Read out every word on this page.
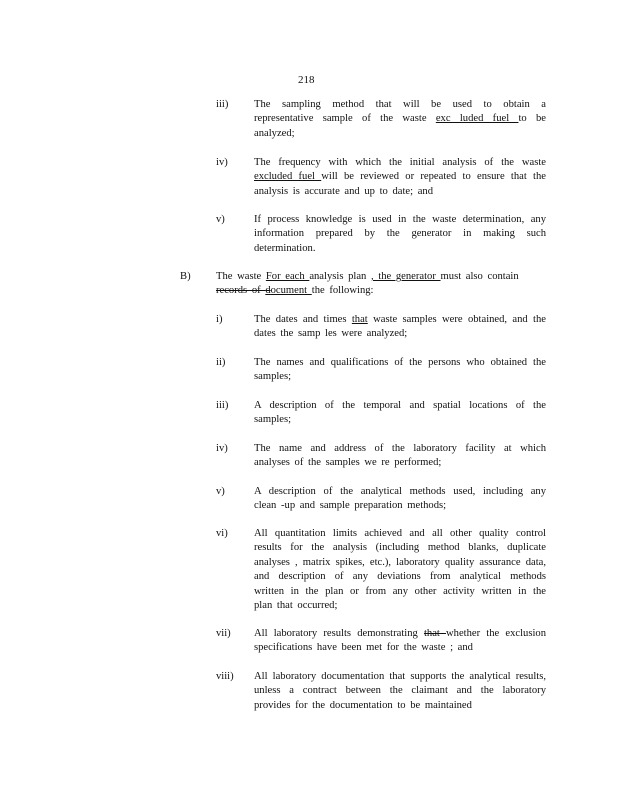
218
iii)	The sampling method that will be used to obtain a representative sample of the waste exc luded fuel to be analyzed;
iv)	The frequency with which the initial analysis of the waste excluded fuel will be reviewed or repeated to ensure that the analysis is accurate and up to date; and
v)	If process knowledge is used in the waste determination, any information prepared by the generator in making such determination.
B) The waste For each analysis plan , the generator must also contain records of document the following:
i)	The dates and times that waste samples were obtained, and the dates the samp les were analyzed;
ii)	The names and qualifications of the persons who obtained the samples;
iii)	A description of the temporal and spatial locations of the samples;
iv)	The name and address of the laboratory facility at which analyses of the samples we re performed;
v)	A description of the analytical methods used, including any clean -up and sample preparation methods;
vi)	All quantitation limits achieved and all other quality control results for the analysis (including method blanks, duplicate analyses , matrix spikes, etc.), laboratory quality assurance data, and description of any deviations from analytical methods written in the plan or from any other activity written in the plan that occurred;
vii)	All laboratory results demonstrating that whether the exclusion specifications have been met for the waste ; and
viii)	All laboratory documentation that supports the analytical results, unless a contract between the claimant and the laboratory provides for the documentation to be maintained
